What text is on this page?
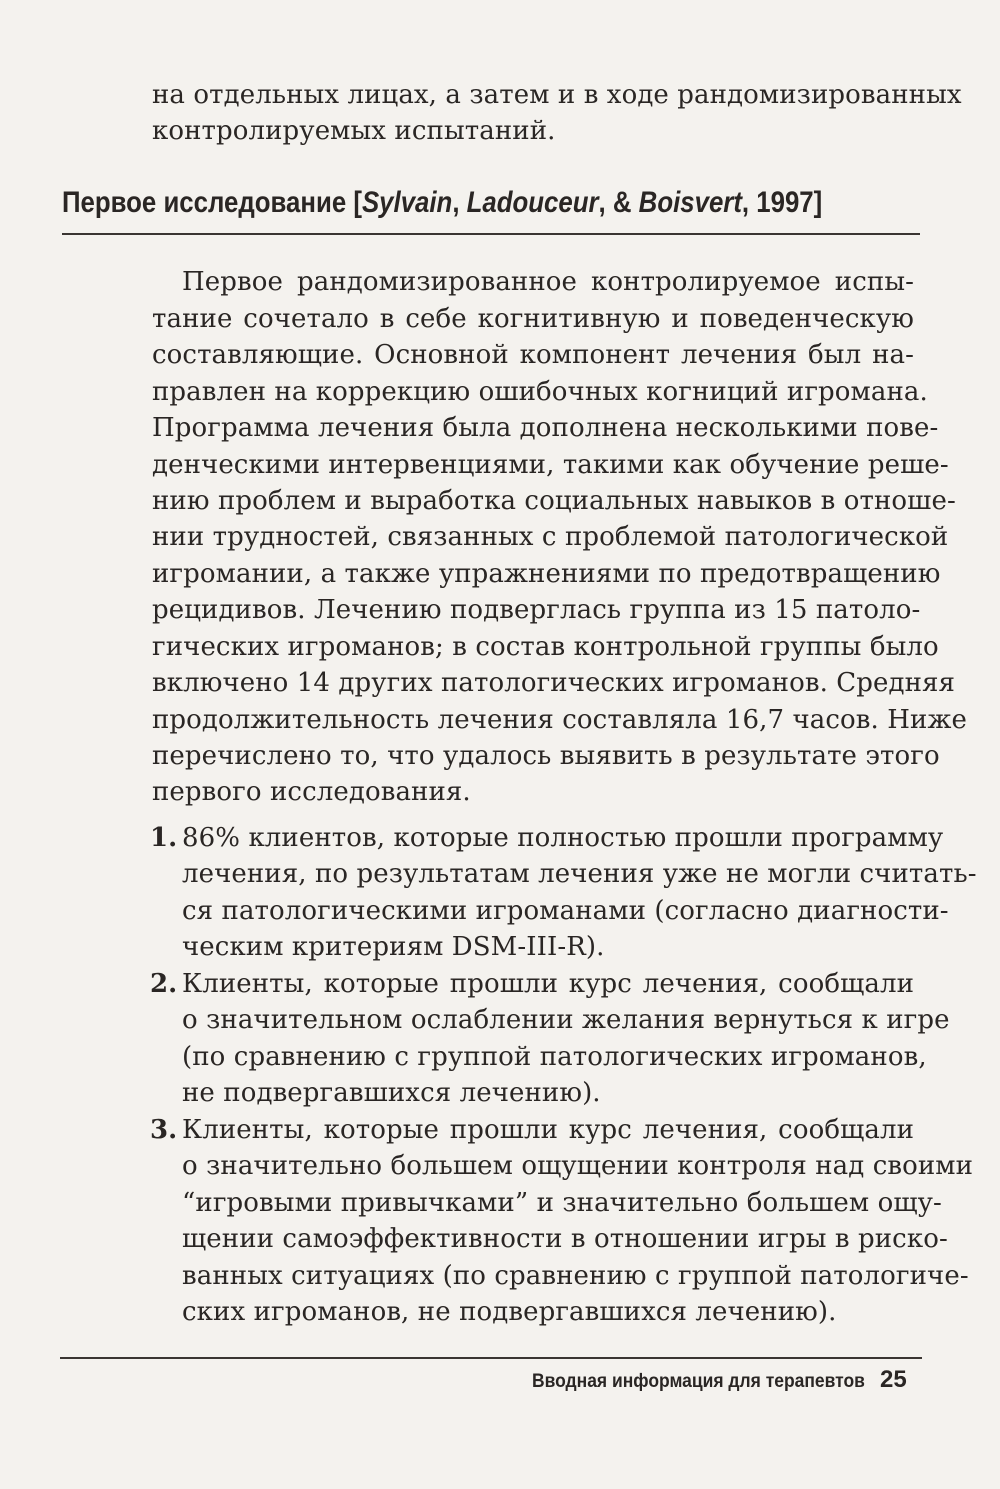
на отдельных лицах, а затем и в ходе рандомизированных
контролируемых испытаний.
Первое исследование [Sylvain, Ladouceur, & Boisvert, 1997]
Первое рандомизированное контролируемое испы-
тание сочетало в себе когнитивную и поведенческую
составляющие. Основной компонент лечения был на-
правлен на коррекцию ошибочных когниций игромана.
Программа лечения была дополнена несколькими пове-
денческими интервенциями, такими как обучение реше-
нию проблем и выработка социальных навыков в отноше-
нии трудностей, связанных с проблемой патологической
игромании, а также упражнениями по предотвращению
рецидивов. Лечению подверглась группа из 15 патоло-
гических игроманов; в состав контрольной группы было
включено 14 других патологических игроманов. Средняя
продолжительность лечения составляла 16,7 часов. Ниже
перечислено то, что удалось выявить в результате этого
первого исследования.
1. 86% клиентов, которые полностью прошли программу
лечения, по результатам лечения уже не могли считать-
ся патологическими игроманами (согласно диагности-
ческим критериям DSM-III-R).
2. Клиенты, которые прошли курс лечения, сообщали
о значительном ослаблении желания вернуться к игре
(по сравнению с группой патологических игроманов,
не подвергавшихся лечению).
3. Клиенты, которые прошли курс лечения, сообщали
о значительно большем ощущении контроля над своими
“игровыми привычками” и значительно большем ощу-
щении самоэффективности в отношении игры в риско-
ванных ситуациях (по сравнению с группой патологиче-
ских игроманов, не подвергавшихся лечению).
Вводная информация для терапевтов 25
